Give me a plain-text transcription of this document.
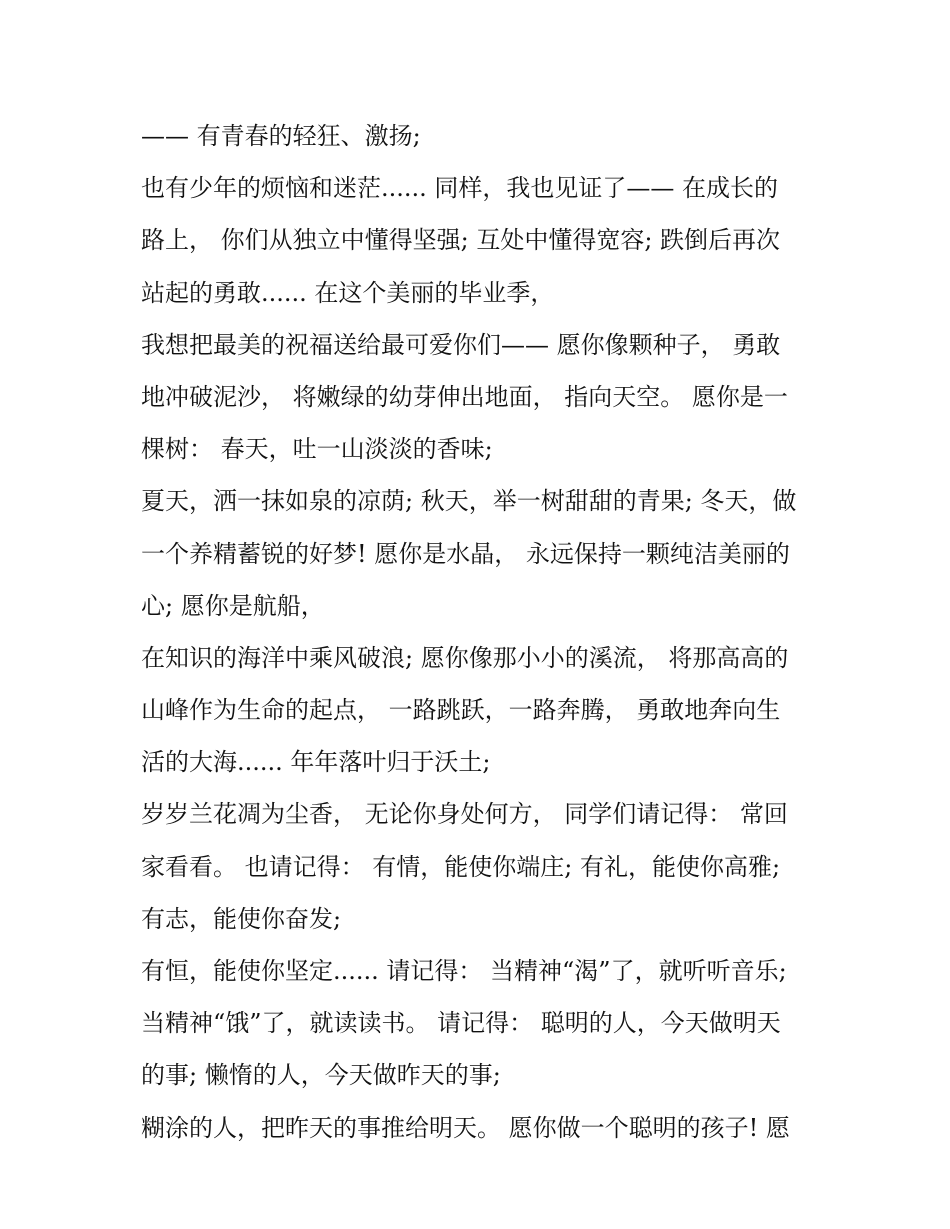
—— 有青春的轻狂、激扬;
也有少年的烦恼和迷茫...... 同样，我也见证了—— 在成长的
路上， 你们从独立中懂得坚强; 互处中懂得宽容; 跌倒后再次
站起的勇敢...... 在这个美丽的毕业季，
我想把最美的祝福送给最可爱你们—— 愿你像颗种子， 勇敢
地冲破泥沙， 将嫩绿的幼芽伸出地面， 指向天空。 愿你是一
棵树： 春天，吐一山淡淡的香味;
夏天，洒一抹如泉的凉荫; 秋天，举一树甜甜的青果; 冬天，做
一个养精蓄锐的好梦! 愿你是水晶， 永远保持一颗纯洁美丽的
心; 愿你是航船，
在知识的海洋中乘风破浪; 愿你像那小小的溪流， 将那高高的
山峰作为生命的起点， 一路跳跃，一路奔腾， 勇敢地奔向生
活的大海...... 年年落叶归于沃土;
岁岁兰花凋为尘香， 无论你身处何方， 同学们请记得： 常回
家看看。 也请记得： 有情，能使你端庄; 有礼，能使你高雅;
有志，能使你奋发;
有恒，能使你坚定...... 请记得： 当精神“渴”了，就听听音乐;
当精神“饿”了，就读读书。 请记得： 聪明的人，今天做明天
的事; 懒惰的人，今天做昨天的事;
糊涂的人，把昨天的事推给明天。 愿你做一个聪明的孩子! 愿
